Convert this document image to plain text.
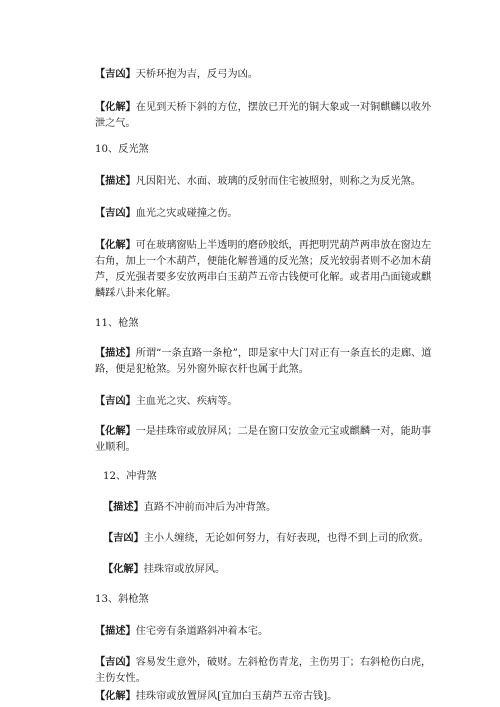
【吉凶】天桥环抱为吉，反弓为凶。

【化解】在见到天桥下斜的方位，摆放已开光的铜大象或一对铜麒麟以收外泄之气。

10、反光煞

【描述】凡因阳光、水面、玻璃的反射而住宅被照射，则称之为反光煞。

【吉凶】血光之灾或碰撞之伤。

【化解】可在玻璃窗贴上半透明的磨砂胶纸，再把明咒葫芦两串放在窗边左右角，加上一个木葫芦，便能化解普通的反光煞；反光较弱者则不必加木葫芦，反光强者要多安放两串白玉葫芦五帝古钱便可化解。或者用凸面镜或麒麟踩八卦来化解。

11、枪煞

【描述】所谓“一条直路一条枪”，即是家中大门对正有一条直长的走廊、道路，便是犯枪煞。另外窗外晾衣杆也属于此煞。

【吉凶】主血光之灾、疾病等。

【化解】一是挂珠帘或放屏风；二是在窗口安放金元宝或麒麟一对，能助事业顺利。

12、冲背煞

【描述】直路不冲前而冲后为冲背煞。

【吉凶】主小人缠绕，无论如何努力，有好表现，也得不到上司的欣赏。

【化解】挂珠帘或放屏风。

13、斜枪煞

【描述】住宅旁有条道路斜冲着本宅。

【吉凶】容易发生意外，破财。左斜枪伤青龙，主伤男丁；右斜枪伤白虎，主伤女性。

【化解】挂珠帘或放置屏风[宜加白玉葫芦五帝古钱]。
